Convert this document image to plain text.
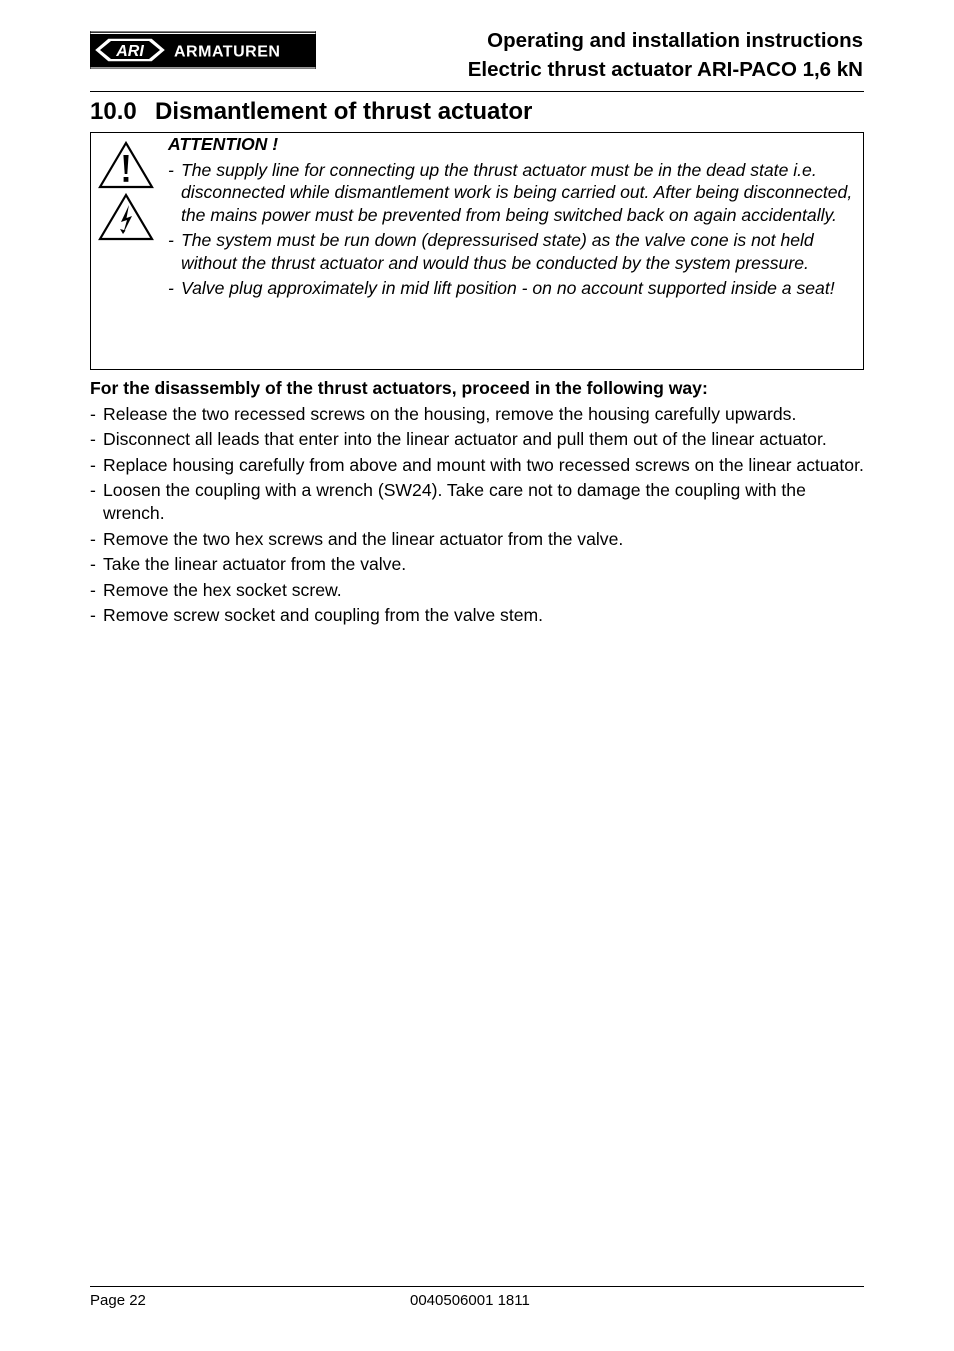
ARI ARMATUREN	Operating and installation instructions
Electric thrust actuator ARI-PACO 1,6 kN
10.0 Dismantlement of thrust actuator
ATTENTION !
- The supply line for connecting up the thrust actuator must be in the dead state i.e. disconnected while dismantlement work is being carried out. After being disconnected, the mains power must be prevented from being switched back on again accidentally.
- The system must be run down (depressurised state) as the valve cone is not held without the thrust actuator and would thus be conducted by the system pressure.
- Valve plug approximately in mid lift position - on no account supported inside a seat!
For the disassembly of the thrust actuators, proceed in the following way:
- Release the two recessed screws on the housing, remove the housing carefully upwards.
- Disconnect all leads that enter into the linear actuator and pull them out of the linear actuator.
- Replace housing carefully from above and mount with two recessed screws on the linear actuator.
- Loosen the coupling with a wrench (SW24). Take care not to damage the coupling with the wrench.
- Remove the two hex screws and the linear actuator from the valve.
- Take the linear actuator from the valve.
- Remove the hex socket screw.
- Remove screw socket and coupling from the valve stem.
Page 22	0040506001 1811
